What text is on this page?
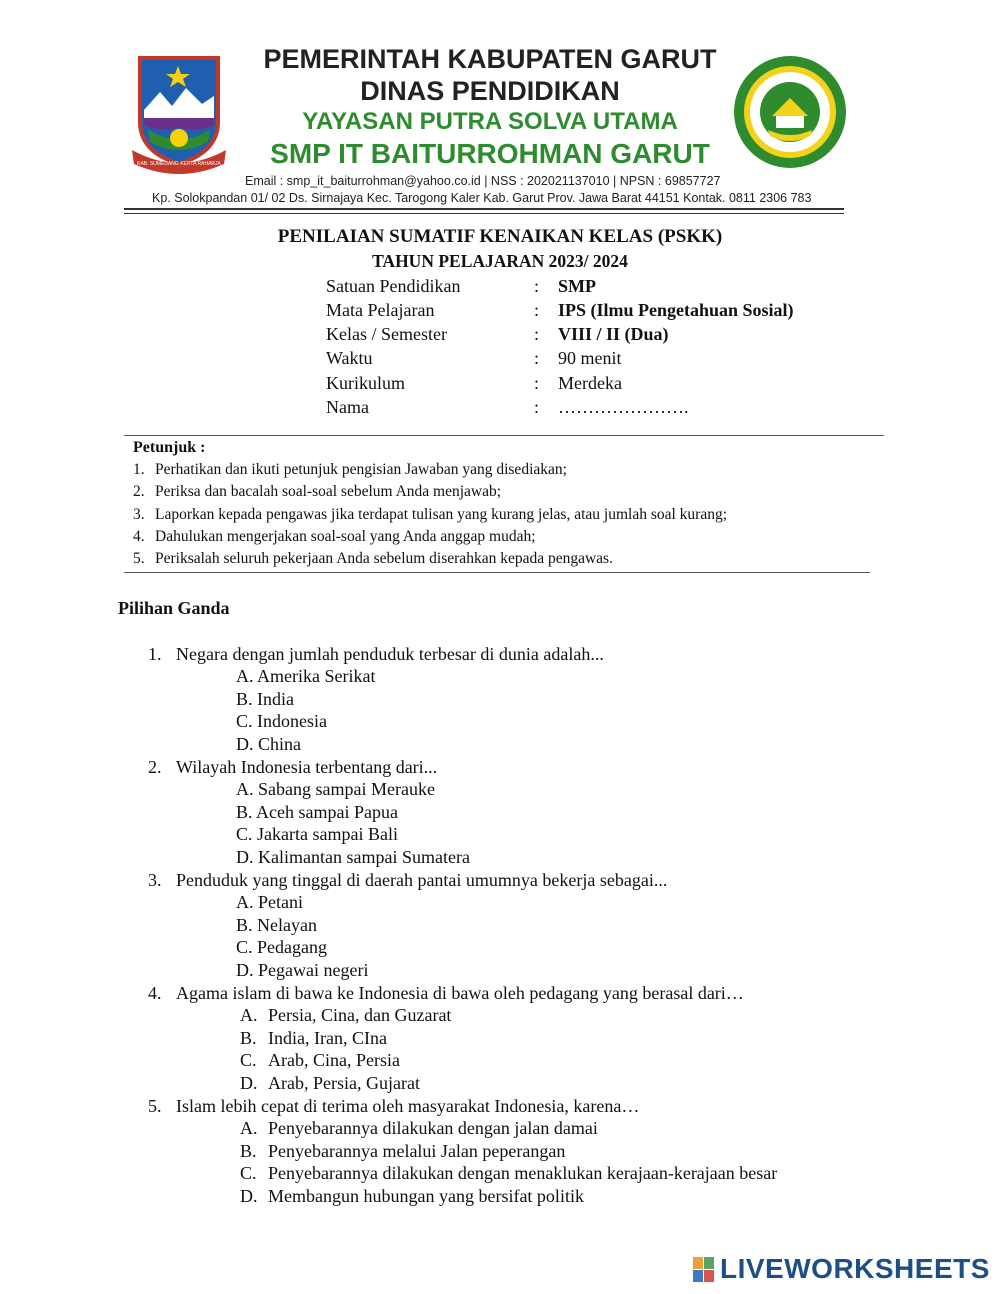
KAB. SUMEDANG KERTA RAHARJA
PEMERINTAH KABUPATEN GARUT
DINAS PENDIDIKAN
YAYASAN PUTRA SOLVA UTAMA
SMP IT BAITURROHMAN GARUT
Email : smp_it_baiturrohman@yahoo.co.id | NSS : 202021137010 | NPSN : 69857727
Kp. Solokpandan 01/ 02 Ds. Sirnajaya Kec. Tarogong Kaler Kab. Garut Prov. Jawa Barat 44151 Kontak. 0811 2306 783
PENILAIAN SUMATIF KENAIKAN KELAS (PSKK)
TAHUN PELAJARAN 2023/ 2024
Satuan Pendidikan	: SMP
Mata Pelajaran	: IPS (Ilmu Pengetahuan Sosial)
Kelas / Semester	: VIII / II (Dua)
Waktu	: 90 menit
Kurikulum	: Merdeka
Nama	: ………………….
Petunjuk :
1. Perhatikan dan ikuti petunjuk pengisian Jawaban yang disediakan;
2. Periksa dan bacalah soal-soal sebelum Anda menjawab;
3. Laporkan kepada pengawas jika terdapat tulisan yang kurang jelas, atau jumlah soal kurang;
4. Dahulukan mengerjakan soal-soal yang Anda anggap mudah;
5. Periksalah seluruh pekerjaan Anda sebelum diserahkan kepada pengawas.
Pilihan Ganda
1. Negara dengan jumlah penduduk terbesar di dunia adalah...
A. Amerika Serikat
B. India
C. Indonesia
D. China
2. Wilayah Indonesia terbentang dari...
A. Sabang sampai Merauke
B. Aceh sampai Papua
C. Jakarta sampai Bali
D. Kalimantan sampai Sumatera
3. Penduduk yang tinggal di daerah pantai umumnya bekerja sebagai...
A. Petani
B. Nelayan
C. Pedagang
D. Pegawai negeri
4. Agama islam di bawa ke Indonesia di bawa oleh pedagang yang berasal dari…
A. Persia, Cina, dan Guzarat
B. India, Iran, CIna
C. Arab, Cina, Persia
D. Arab, Persia, Gujarat
5. Islam lebih cepat di terima oleh masyarakat Indonesia, karena…
A. Penyebarannya dilakukan dengan jalan damai
B. Penyebarannya melalui Jalan peperangan
C. Penyebarannya dilakukan dengan menaklukan kerajaan-kerajaan besar
D. Membangun hubungan yang bersifat politik
LIVEWORKSHEETS
